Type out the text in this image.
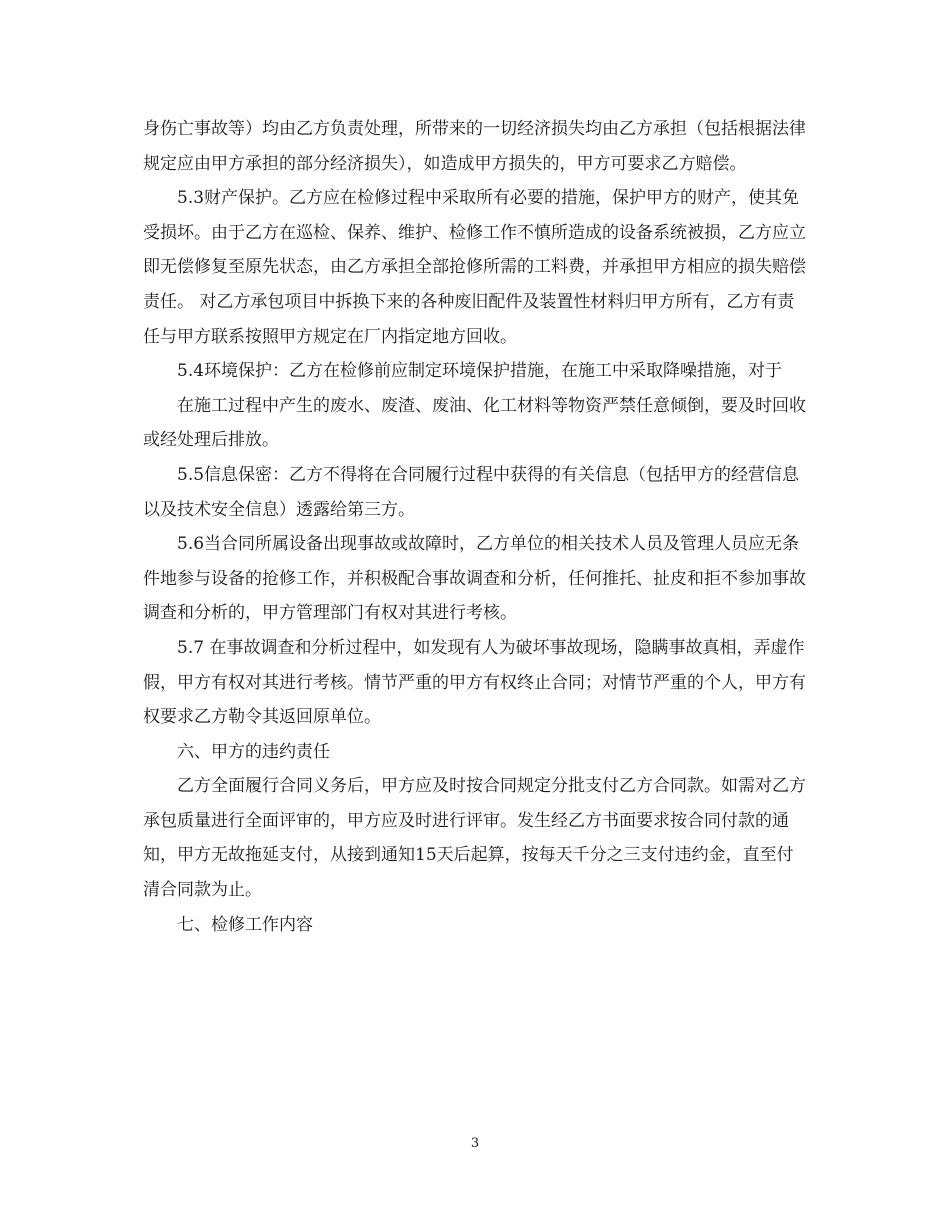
身伤亡事故等）均由乙方负责处理，所带来的一切经济损失均由乙方承担（包括根据法律规定应由甲方承担的部分经济损失），如造成甲方损失的，甲方可要求乙方赔偿。

5.3财产保护。乙方应在检修过程中采取所有必要的措施，保护甲方的财产，使其免受损坏。由于乙方在巡检、保养、维护、检修工作不慎所造成的设备系统被损，乙方应立即无偿修复至原先状态，由乙方承担全部抢修所需的工料费，并承担甲方相应的损失赔偿责任。 对乙方承包项目中拆换下来的各种废旧配件及装置性材料归甲方所有，乙方有责任与甲方联系按照甲方规定在厂内指定地方回收。

5.4环境保护：乙方在检修前应制定环境保护措施，在施工中采取降噪措施，对于

在施工过程中产生的废水、废渣、废油、化工材料等物资严禁任意倾倒，要及时回收或经处理后排放。

5.5信息保密：乙方不得将在合同履行过程中获得的有关信息（包括甲方的经营信息以及技术安全信息）透露给第三方。

5.6当合同所属设备出现事故或故障时，乙方单位的相关技术人员及管理人员应无条件地参与设备的抢修工作，并积极配合事故调查和分析，任何推托、扯皮和拒不参加事故调查和分析的，甲方管理部门有权对其进行考核。

5.7 在事故调查和分析过程中，如发现有人为破坏事故现场，隐瞒事故真相，弄虚作假，甲方有权对其进行考核。情节严重的甲方有权终止合同；对情节严重的个人，甲方有权要求乙方勒令其返回原单位。

六、甲方的违约责任

乙方全面履行合同义务后，甲方应及时按合同规定分批支付乙方合同款。如需对乙方承包质量进行全面评审的，甲方应及时进行评审。发生经乙方书面要求按合同付款的通知，甲方无故拖延支付，从接到通知15天后起算，按每天千分之三支付违约金，直至付清合同款为止。

七、检修工作内容

3
